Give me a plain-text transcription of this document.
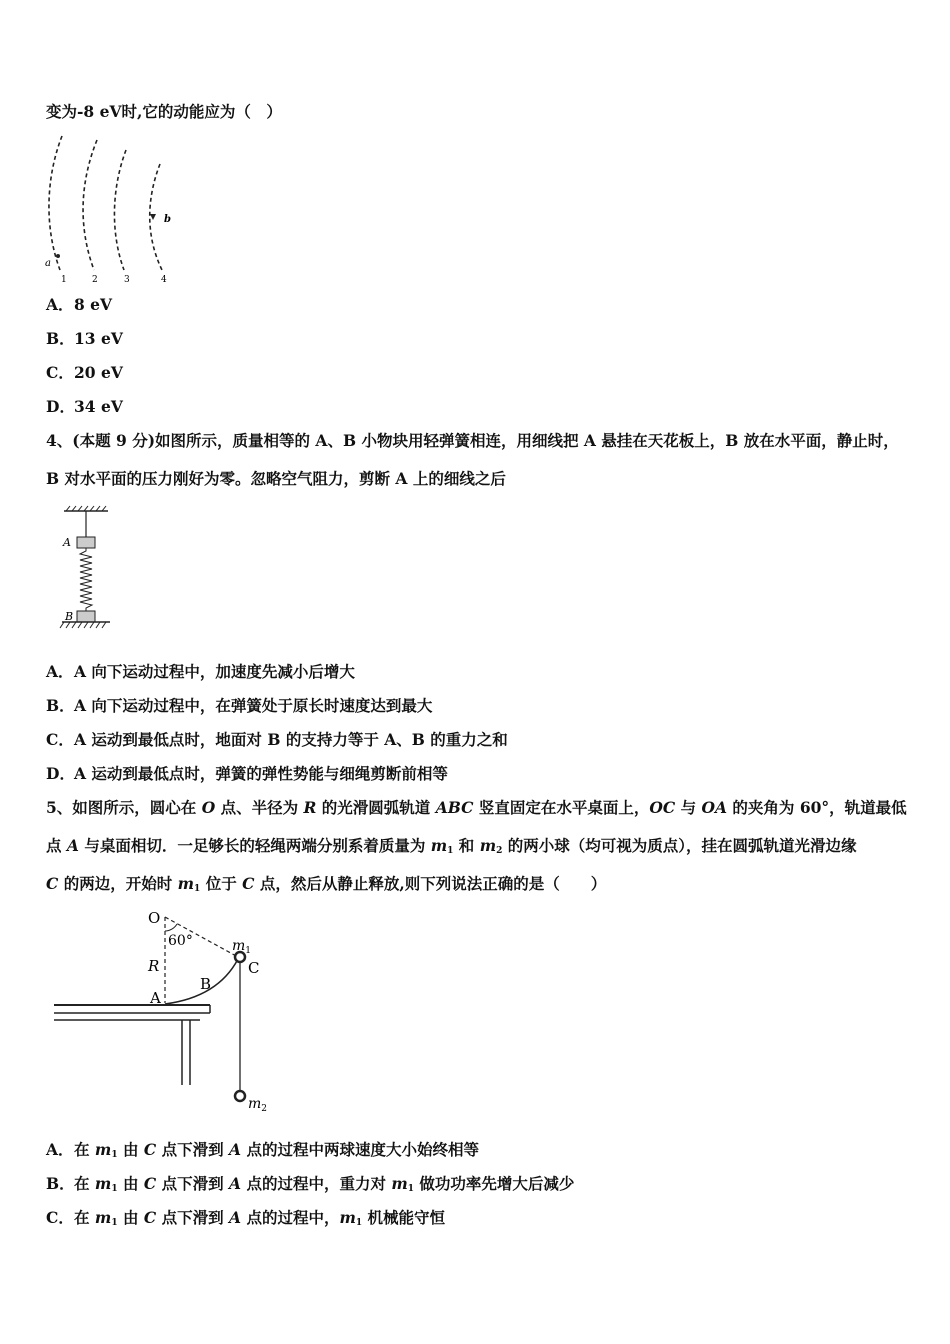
变为-8 eV时,它的动能应为（　）
a
b
1	2	3	4
A．8 eV
B．13 eV
C．20 eV
D．34 eV
4、(本题 9 分)如图所示，质量相等的 A、B 小物块用轻弹簧相连，用细线把 A 悬挂在天花板上，B 放在水平面，静止时，
B 对水平面的压力刚好为零。忽略空气阻力，剪断 A 上的细线之后
A
B
A．A 向下运动过程中，加速度先减小后增大
B．A 向下运动过程中，在弹簧处于原长时速度达到最大
C．A 运动到最低点时，地面对 B 的支持力等于 A、B 的重力之和
D．A 运动到最低点时，弹簧的弹性势能与细绳剪断前相等
5、如图所示，圆心在 O 点、半径为 R 的光滑圆弧轨道 ABC 竖直固定在水平桌面上，OC 与 OA 的夹角为 60°，轨道最低
点 A 与桌面相切．一足够长的轻绳两端分别系着质量为 $m_1$ 和 $m_2$ 的两小球（均可视为质点），挂在圆弧轨道光滑边缘
C 的两边，开始时 $m_1$ 位于 C 点，然后从静止释放,则下列说法正确的是（　　）
O
60°
R
A
B
C
$m_1$
$m_2$
A．在 $m_1$ 由 C 点下滑到 A 点的过程中两球速度大小始终相等
B．在 $m_1$ 由 C 点下滑到 A 点的过程中，重力对 $m_1$ 做功功率先增大后减少
C．在 $m_1$ 由 C 点下滑到 A 点的过程中，$m_1$ 机械能守恒
